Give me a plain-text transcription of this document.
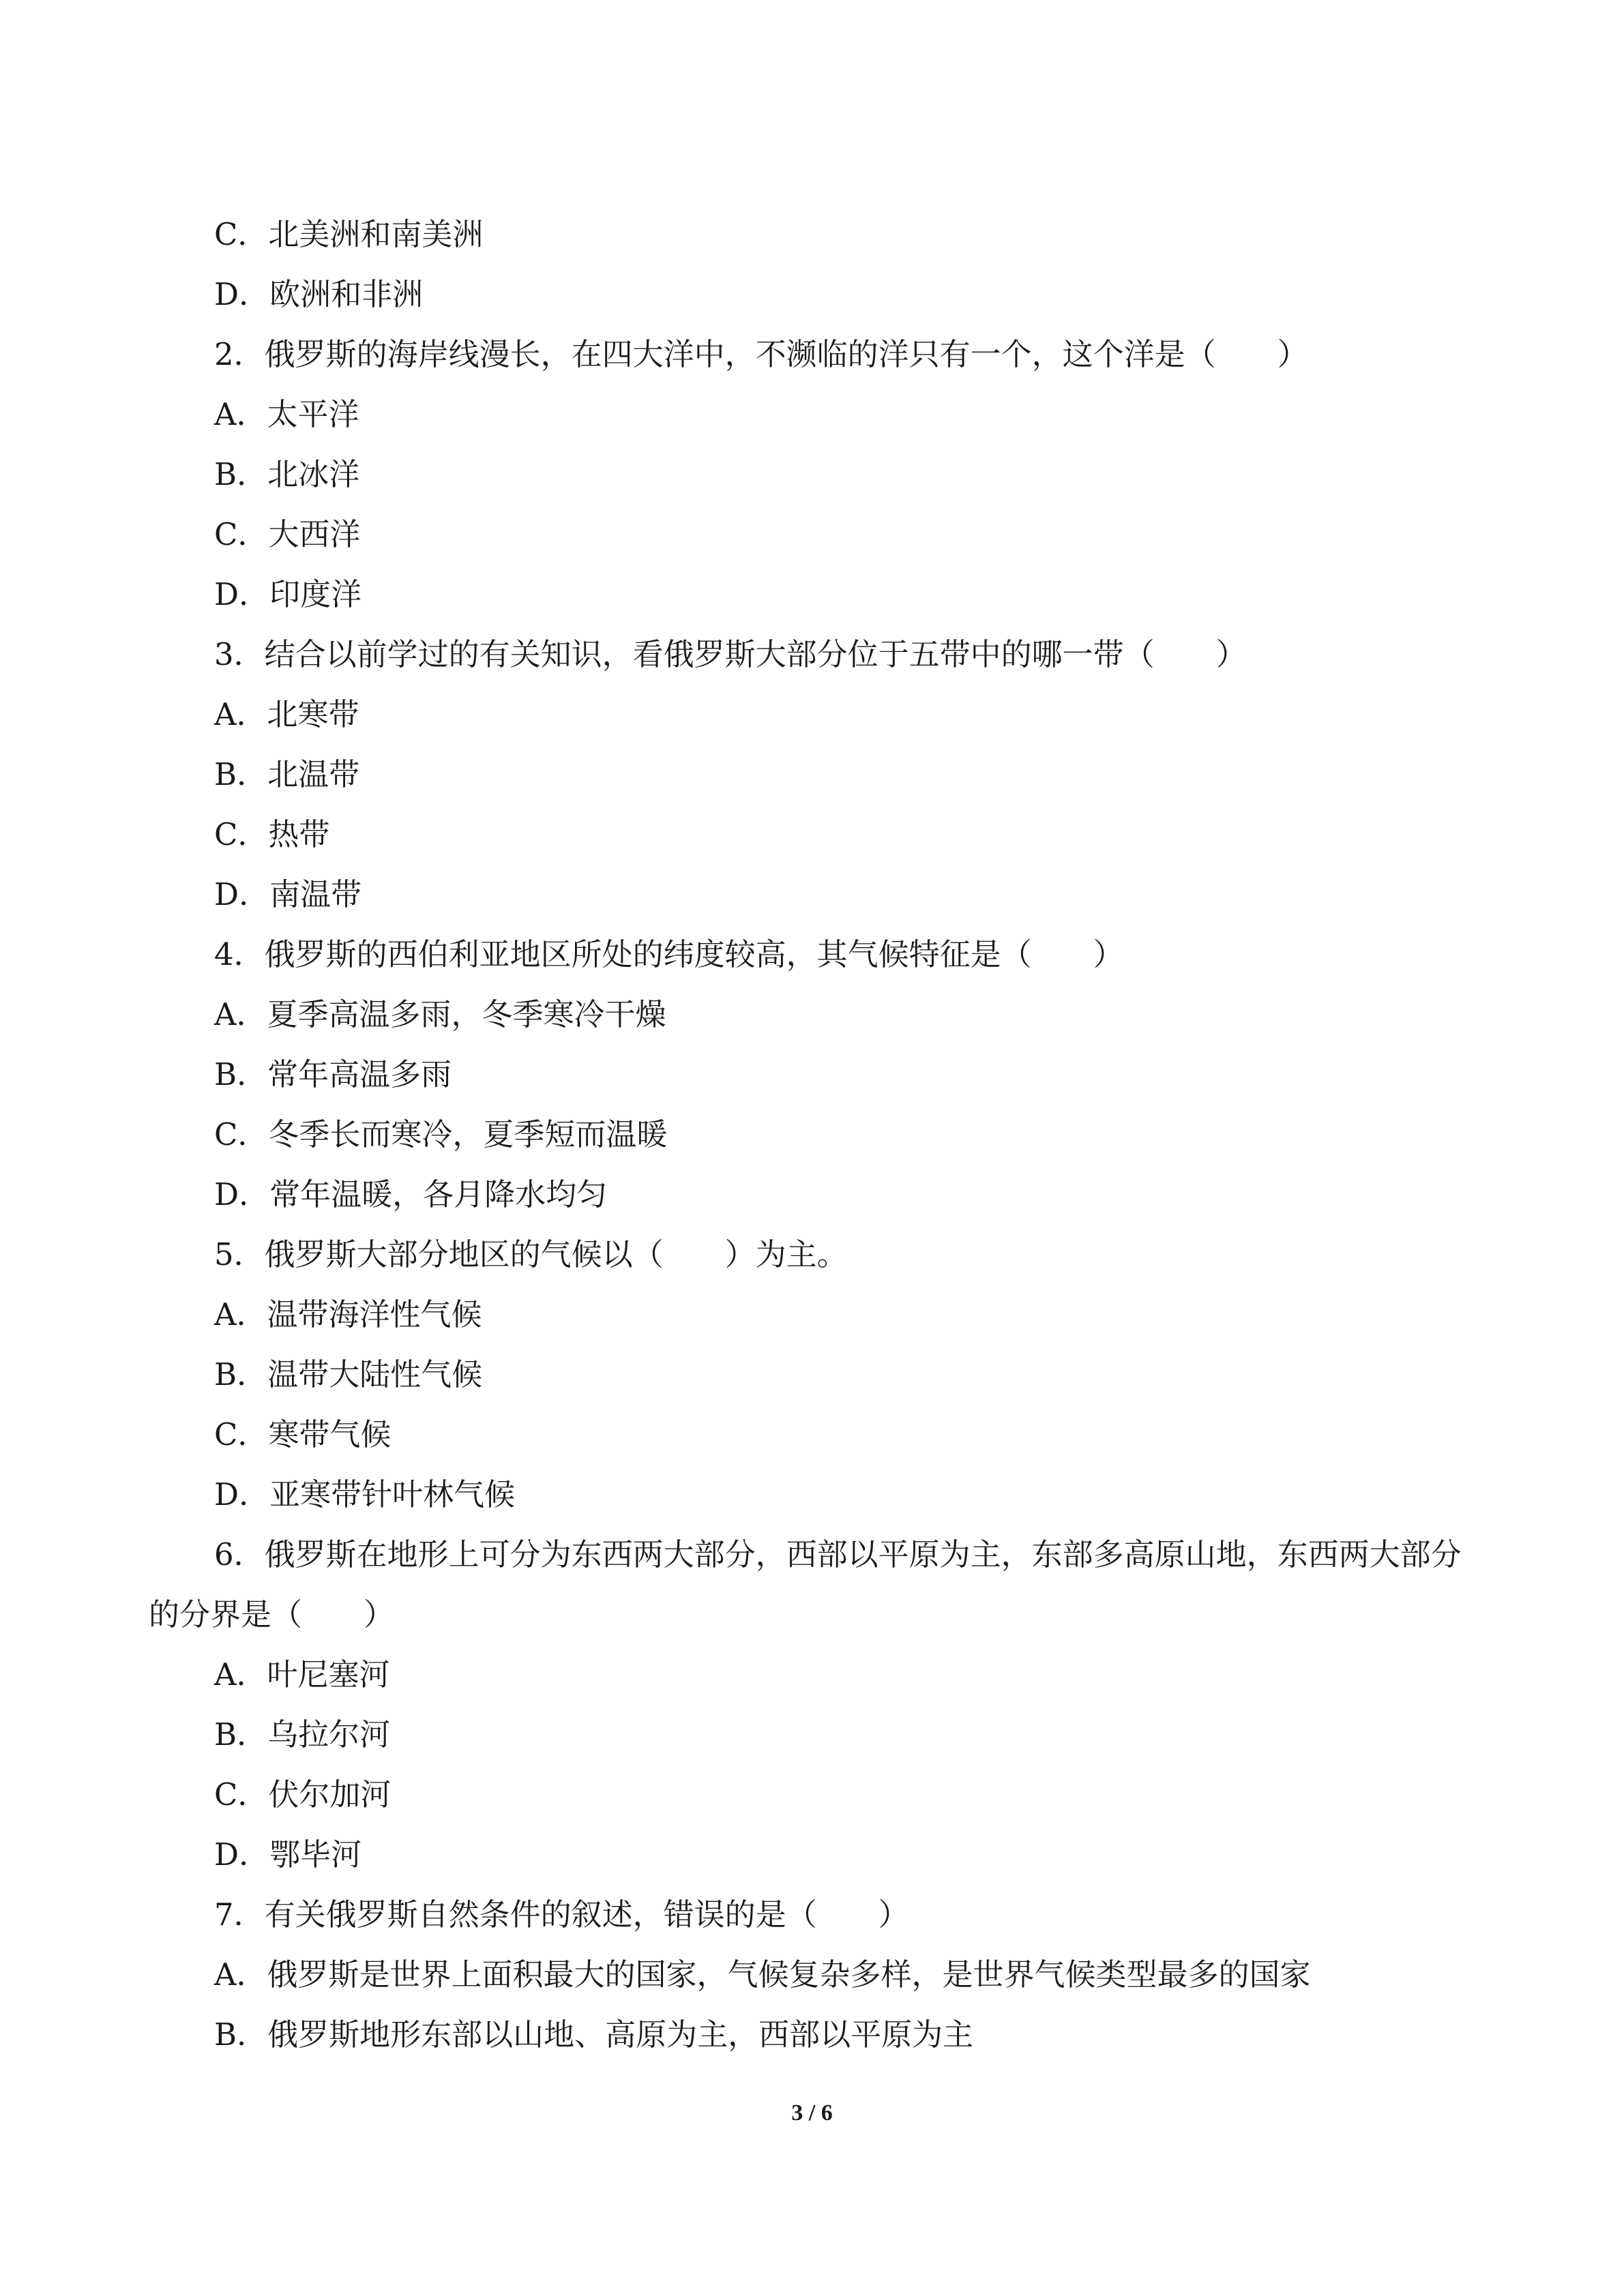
C．北美洲和南美洲
D．欧洲和非洲
2．俄罗斯的海岸线漫长，在四大洋中，不濒临的洋只有一个，这个洋是（　　）
A．太平洋
B．北冰洋
C．大西洋
D．印度洋
3．结合以前学过的有关知识，看俄罗斯大部分位于五带中的哪一带（　　）
A．北寒带
B．北温带
C．热带
D．南温带
4．俄罗斯的西伯利亚地区所处的纬度较高，其气候特征是（　　）
A．夏季高温多雨，冬季寒冷干燥
B．常年高温多雨
C．冬季长而寒冷，夏季短而温暖
D．常年温暖，各月降水均匀
5．俄罗斯大部分地区的气候以（　　）为主。
A．温带海洋性气候
B．温带大陆性气候
C．寒带气候
D．亚寒带针叶林气候
6．俄罗斯在地形上可分为东西两大部分，西部以平原为主，东部多高原山地，东西两大部分的分界是（　　）
A．叶尼塞河
B．乌拉尔河
C．伏尔加河
D．鄂毕河
7．有关俄罗斯自然条件的叙述，错误的是（　　）
A．俄罗斯是世界上面积最大的国家，气候复杂多样，是世界气候类型最多的国家
B．俄罗斯地形东部以山地、高原为主，西部以平原为主
3 / 6
